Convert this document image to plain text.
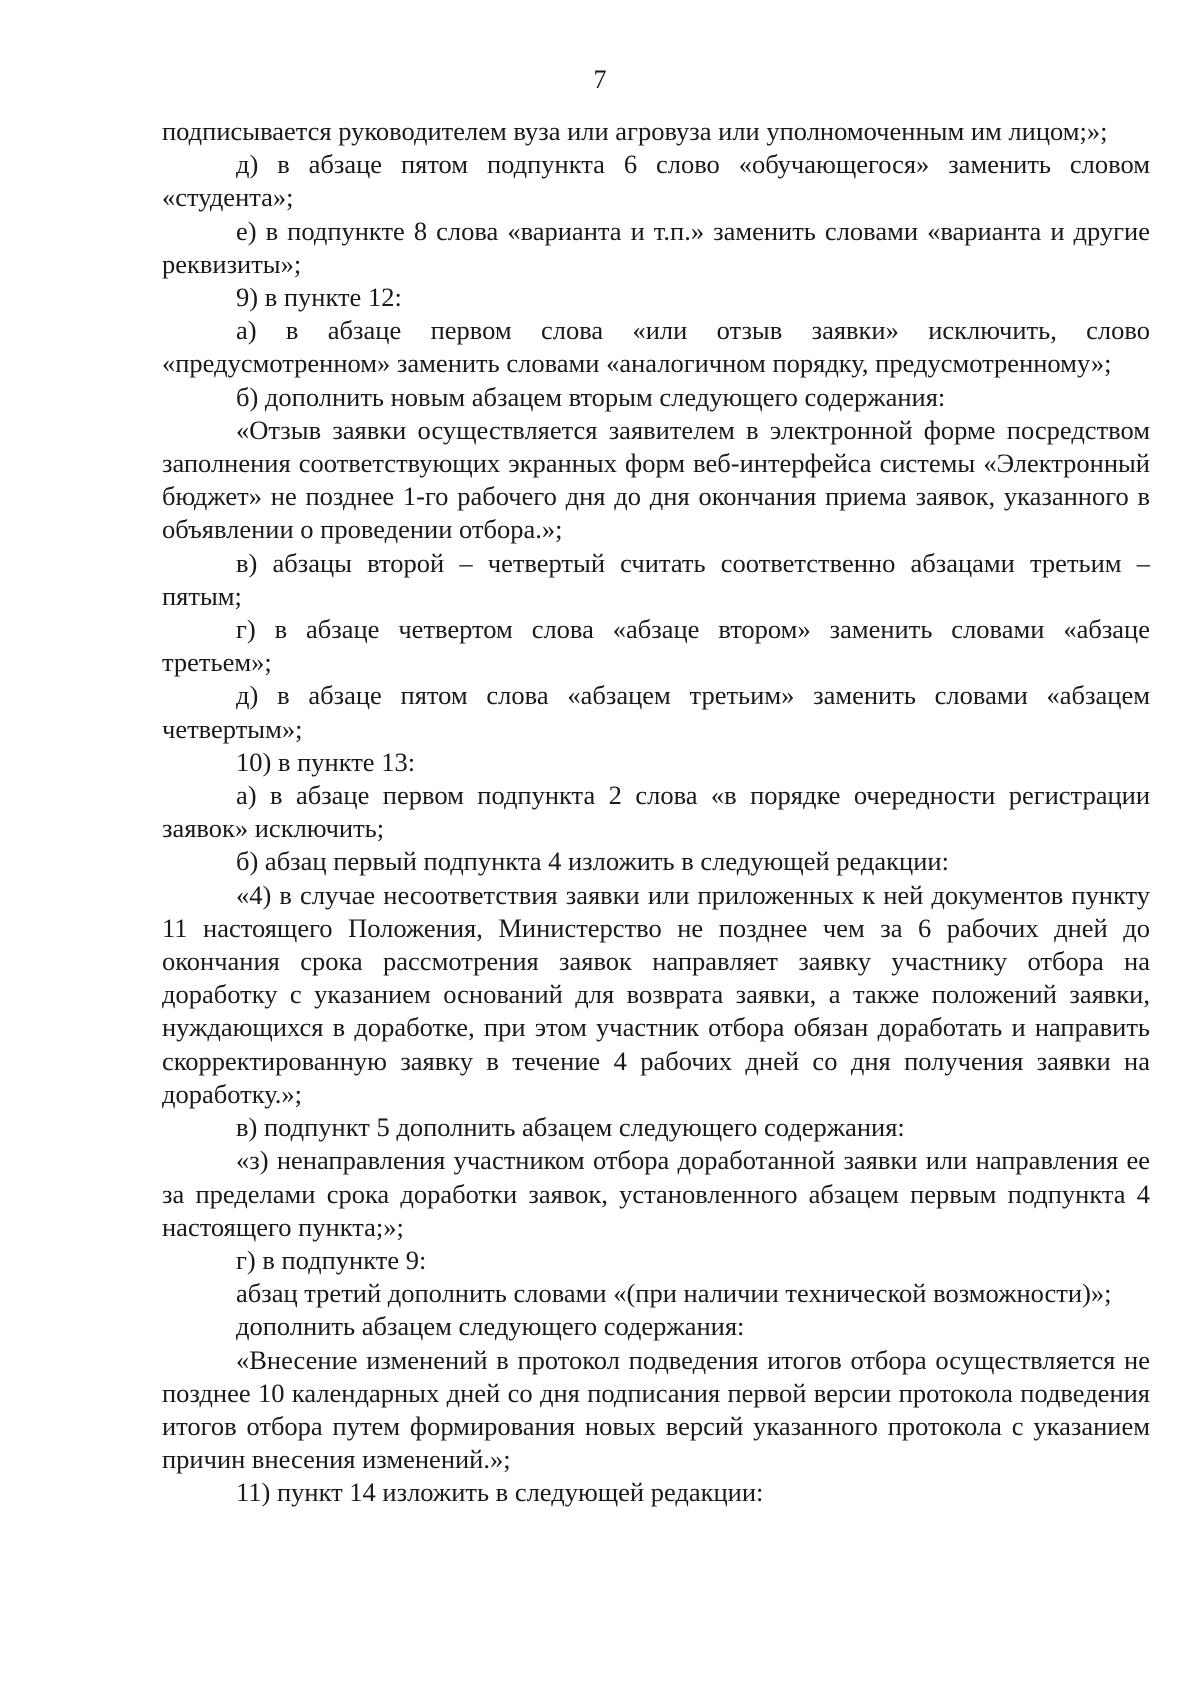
7

подписывается руководителем вуза или агровуза или уполномоченным им лицом;»;

д) в абзаце пятом подпункта 6 слово «обучающегося» заменить словом «студента»;

е) в подпункте 8 слова «варианта и т.п.» заменить словами «варианта и другие реквизиты»;

9) в пункте 12:

а) в абзаце первом слова «или отзыв заявки» исключить, слово «предусмотренном» заменить словами «аналогичном порядку, предусмотренному»;

б) дополнить новым абзацем вторым следующего содержания:

«Отзыв заявки осуществляется заявителем в электронной форме посредством заполнения соответствующих экранных форм веб-интерфейса системы «Электронный бюджет» не позднее 1-го рабочего дня до дня окончания приема заявок, указанного в объявлении о проведении отбора.»;

в) абзацы второй – четвертый считать соответственно абзацами третьим – пятым;

г) в абзаце четвертом слова «абзаце втором» заменить словами «абзаце третьем»;

д) в абзаце пятом слова «абзацем третьим» заменить словами «абзацем четвертым»;

10) в пункте 13:

а) в абзаце первом подпункта 2 слова «в порядке очередности регистрации заявок» исключить;

б) абзац первый подпункта 4 изложить в следующей редакции:

«4) в случае несоответствия заявки или приложенных к ней документов пункту 11 настоящего Положения, Министерство не позднее чем за 6 рабочих дней до окончания срока рассмотрения заявок направляет заявку участнику отбора на доработку с указанием оснований для возврата заявки, а также положений заявки, нуждающихся в доработке, при этом участник отбора обязан доработать и направить скорректированную заявку в течение 4 рабочих дней со дня получения заявки на доработку.»;

в) подпункт 5 дополнить абзацем следующего содержания:

«з) ненаправления участником отбора доработанной заявки или направления ее за пределами срока доработки заявок, установленного абзацем первым подпункта 4 настоящего пункта;»;

г) в подпункте 9:

абзац третий дополнить словами «(при наличии технической возможности)»;

дополнить абзацем следующего содержания:

«Внесение изменений в протокол подведения итогов отбора осуществляется не позднее 10 календарных дней со дня подписания первой версии протокола подведения итогов отбора путем формирования новых версий указанного протокола с указанием причин внесения изменений.»;

11) пункт 14 изложить в следующей редакции:
